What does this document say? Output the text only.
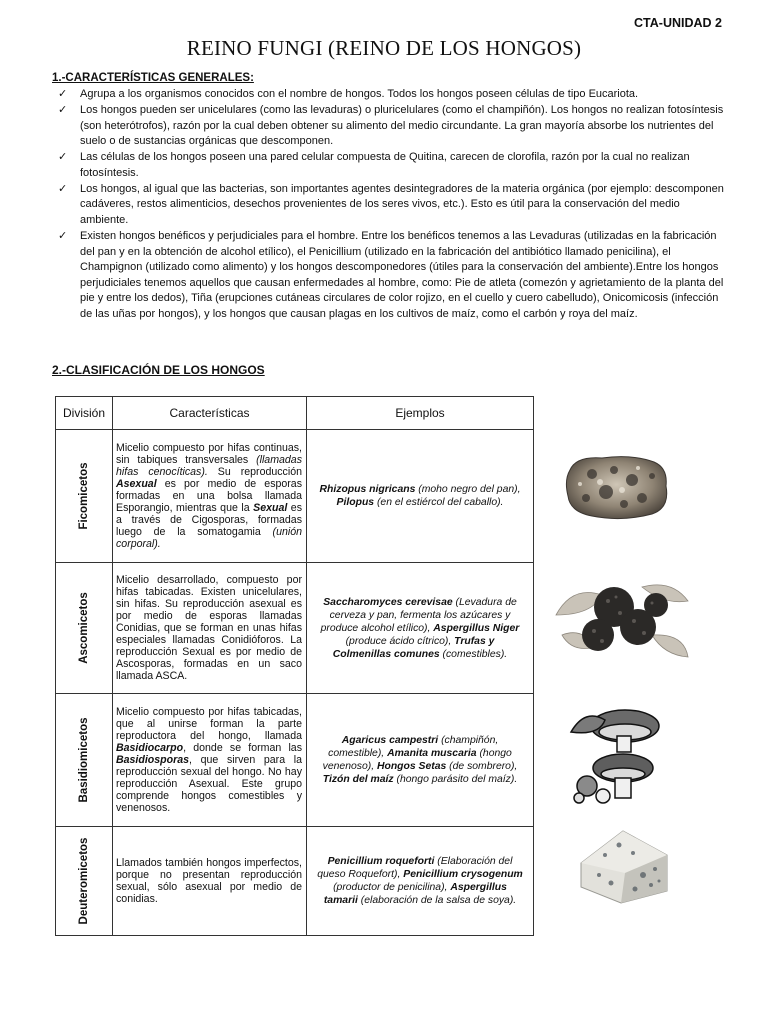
CTA-UNIDAD 2
REINO FUNGI (REINO DE LOS HONGOS)
1.-CARACTERÍSTICAS GENERALES:
✓ Agrupa a los organismos conocidos con el nombre de hongos. Todos los hongos poseen células de tipo Eucariota.
✓ Los hongos pueden ser unicelulares (como las levaduras) o pluricelulares (como el champiñón). Los hongos no realizan fotosíntesis (son heterótrofos), razón por la cual deben obtener su alimento del medio circundante. La gran mayoría absorbe los nutrientes del suelo o de sustancias orgánicas que descomponen.
✓ Las células de los hongos poseen una pared celular compuesta de Quitina, carecen de clorofila, razón por la cual no realizan fotosíntesis.
✓ Los hongos, al igual que las bacterias, son importantes agentes desintegradores de la materia orgánica (por ejemplo: descomponen cadáveres, restos alimenticios, desechos provenientes de los seres vivos, etc.). Esto es útil para la conservación del medio ambiente.
✓ Existen hongos benéficos y perjudiciales para el hombre. Entre los benéficos tenemos a las Levaduras (utilizadas en la fabricación del pan y en la obtención de alcohol etílico), el Penicillium (utilizado en la fabricación del antibiótico llamado penicilina), el Champignon (utilizado como alimento) y los hongos descomponedores (útiles para la conservación del ambiente).Entre los hongos perjudiciales tenemos aquellos que causan enfermedades al hombre, como: Pie de atleta (comezón y agrietamiento de la planta del pie y entre los dedos), Tiña (erupciones cutáneas circulares de color rojizo, en el cuello y cuero cabelludo), Onicomicosis (infección de las uñas por hongos), y los hongos que causan plagas en los cultivos de maíz, como el carbón y roya del maíz.
2.-CLASIFICACIÓN DE LOS HONGOS
División	Características	Ejemplos

Ficomicetos	Micelio compuesto por hifas continuas, sin tabiques transversales (llamadas hifas cenocíticas). Su reproducción Asexual es por medio de esporas formadas en una bolsa llamada Esporangio, mientras que la Sexual es a través de Cigosporas, formadas luego de la somatogamia (unión corporal).	Rhizopus nigricans (moho negro del pan), Pilopus (en el estiércol del caballo).

Ascomicetos	Micelio desarrollado, compuesto por hifas tabicadas. Existen unicelulares, sin hifas. Su reproducción asexual es por medio de esporas llamadas Conidias, que se forman en unas hifas especiales llamadas Conidióforos. La reproducción Sexual es por medio de Ascosporas, formadas en un saco llamada ASCA.	Saccharomyces cerevisae (Levadura de cerveza y pan, fermenta los azúcares y produce alcohol etílico), Aspergillus Niger (produce ácido cítrico), Trufas y Colmenillas comunes (comestibles).

Basidiomicetos	Micelio compuesto por hifas tabicadas, que al unirse forman la parte reproductora del hongo, llamada Basidiocarpo, donde se forman las Basidiosporas, que sirven para la reproducción sexual del hongo. No hay reproducción Asexual. Este grupo comprende hongos comestibles y venenosos.	Agaricus campestri (champiñón, comestible), Amanita muscaria (hongo venenoso), Hongos Setas (de sombrero), Tizón del maíz (hongo parásito del maíz).

Deuteromicetos	Llamados también hongos imperfectos, porque no presentan reproducción sexual, sólo asexual por medio de conidias.	Penicillium roqueforti (Elaboración del queso Roquefort), Penicillium crysogenum (productor de penicilina), Aspergillus tamarii (elaboración de la salsa de soya).
